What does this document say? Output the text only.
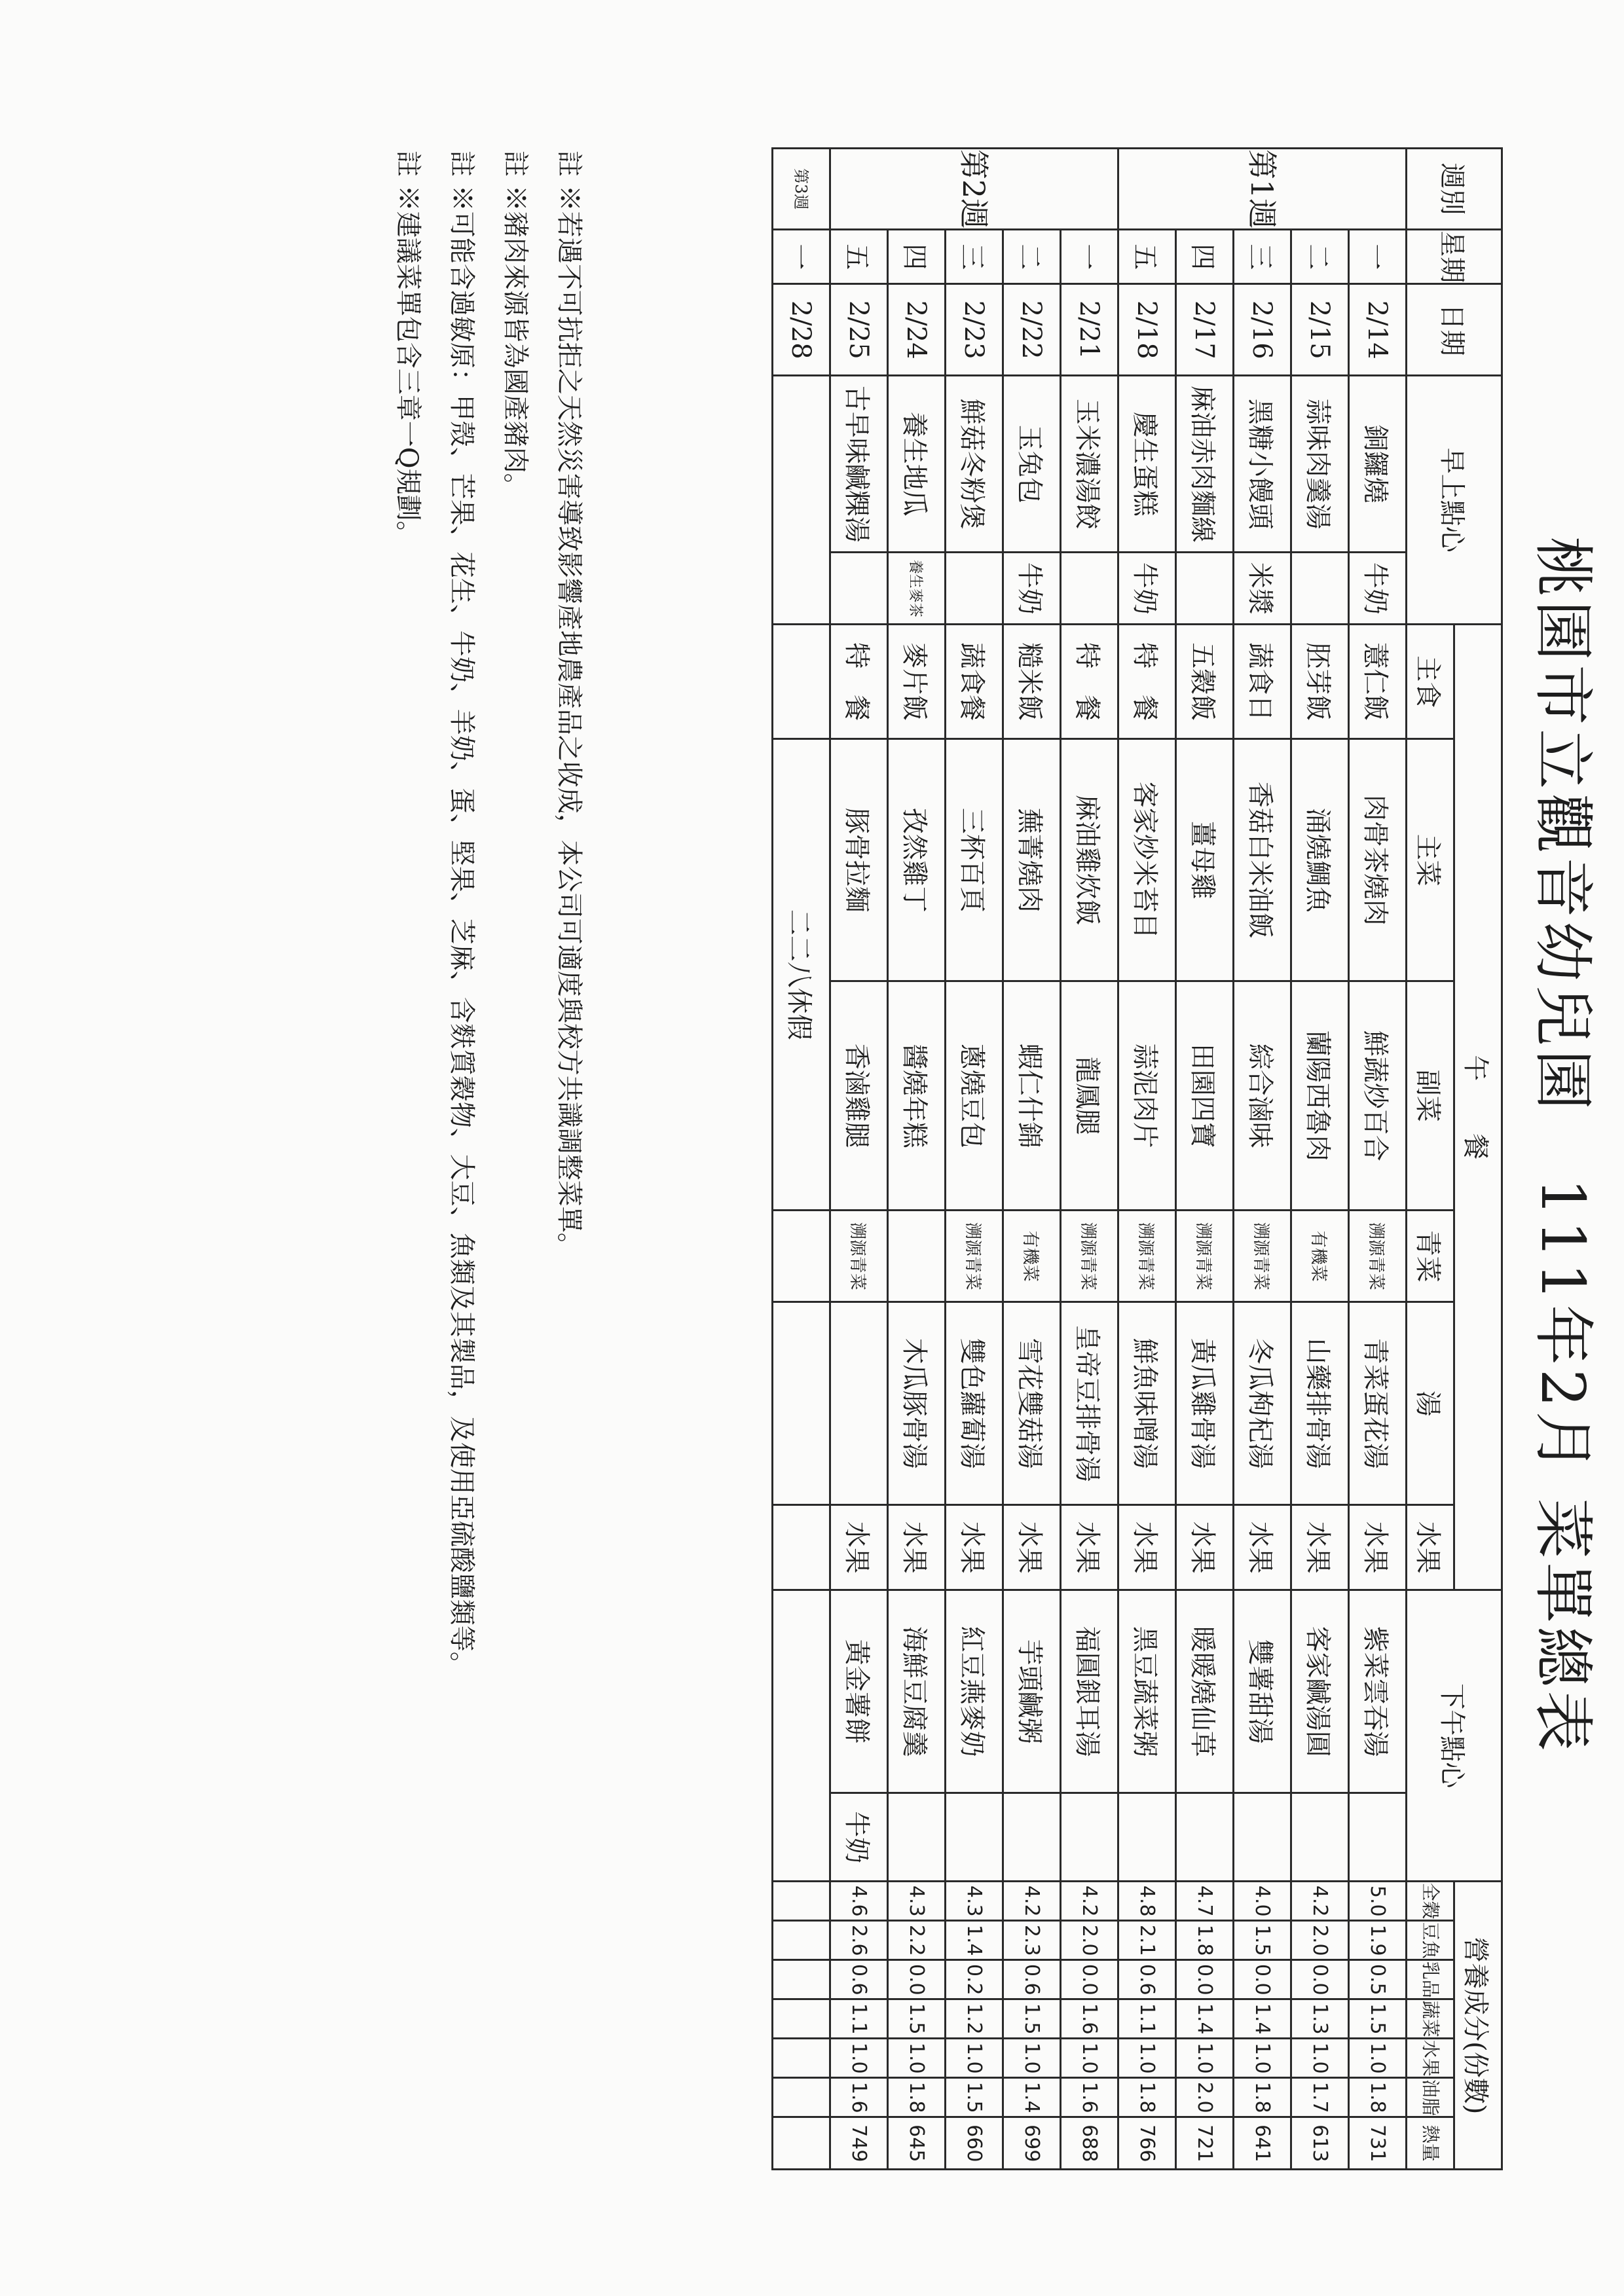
桃園市立觀音幼兒園　111年2月 菜單總表
週別	星期	日期	早上點心		午　　餐						下午點心		營養成分(份數)						
					主食	主菜	副菜	青菜	湯	水果			全穀	豆魚	乳品	蔬菜	水果	油脂	熱量
第1週	一	2/14	銅鑼燒	牛奶	薏仁飯	肉骨茶燒肉	鮮蔬炒百合	溯源青菜	青菜蛋花湯	水果	紫菜雲吞湯		5.0	1.9	0.5	1.5	1.0	1.8	731
	二	2/15	蒜味肉羹湯		胚芽飯	涌燒鯛魚	蘭陽西魯肉	有機菜	山藥排骨湯	水果	客家鹹湯圓		4.2	2.0	0.0	1.3	1.0	1.7	613
	三	2/16	黑糖小饅頭	米漿	蔬食日	香菇白米油飯	綜合滷味	溯源青菜	冬瓜枸杞湯	水果	雙薯甜湯		4.0	1.5	0.0	1.4	1.0	1.8	641
	四	2/17	麻油赤肉麵線		五穀飯	薑母雞	田園四寶	溯源青菜	黃瓜雞骨湯	水果	暖暖燒仙草		4.7	1.8	0.0	1.4	1.0	2.0	721
	五	2/18	慶生蛋糕	牛奶	特　餐	客家炒米苔目	蒜泥肉片	溯源青菜	鮮魚味噌湯	水果	黑豆蔬菜粥		4.8	2.1	0.6	1.1	1.0	1.8	766
第2週	一	2/21	玉米濃湯餃		特　餐	麻油雞炊飯	龍鳳腿	溯源青菜	皇帝豆排骨湯	水果	福圓銀耳湯		4.2	2.0	0.0	1.6	1.0	1.6	688
	二	2/22	玉兔包	牛奶	糙米飯	蕪菁燒肉	蝦仁什錦	有機菜	雪花雙菇湯	水果	芋頭鹹粥		4.2	2.3	0.6	1.5	1.0	1.4	699
	三	2/23	鮮菇冬粉煲		蔬食餐	三杯百頁	蔥燒豆包	溯源青菜	雙色蘿蔔湯	水果	紅豆燕麥奶		4.3	1.4	0.2	1.2	1.0	1.5	660
	四	2/24	養生地瓜	養生麥茶	麥片飯	孜然雞丁	醬燒年糕		木瓜豚骨湯	水果	海鮮豆腐羹		4.3	2.2	0.0	1.5	1.0	1.8	645
	五	2/25	古早味鹹粿湯		特　餐	豚骨拉麵	香滷雞腿	溯源青菜		水果	黃金薯餅	牛奶	4.6	2.6	0.6	1.1	1.0	1.6	749
第3週	一	2/28				二二八休假													
註 ※若遇不可抗拒之天然災害導致影響產地農產品之收成，本公司可適度與校方共識調整菜單。
註 ※豬肉來源皆為國產豬肉。
註 ※可能含過敏原：甲殼、芒果、花生、牛奶、羊奶、蛋、堅果、芝麻、含麩質穀物、大豆、魚類及其製品，及使用亞硫酸鹽類等。
註 ※建議菜單包含三章一Q規劃。
